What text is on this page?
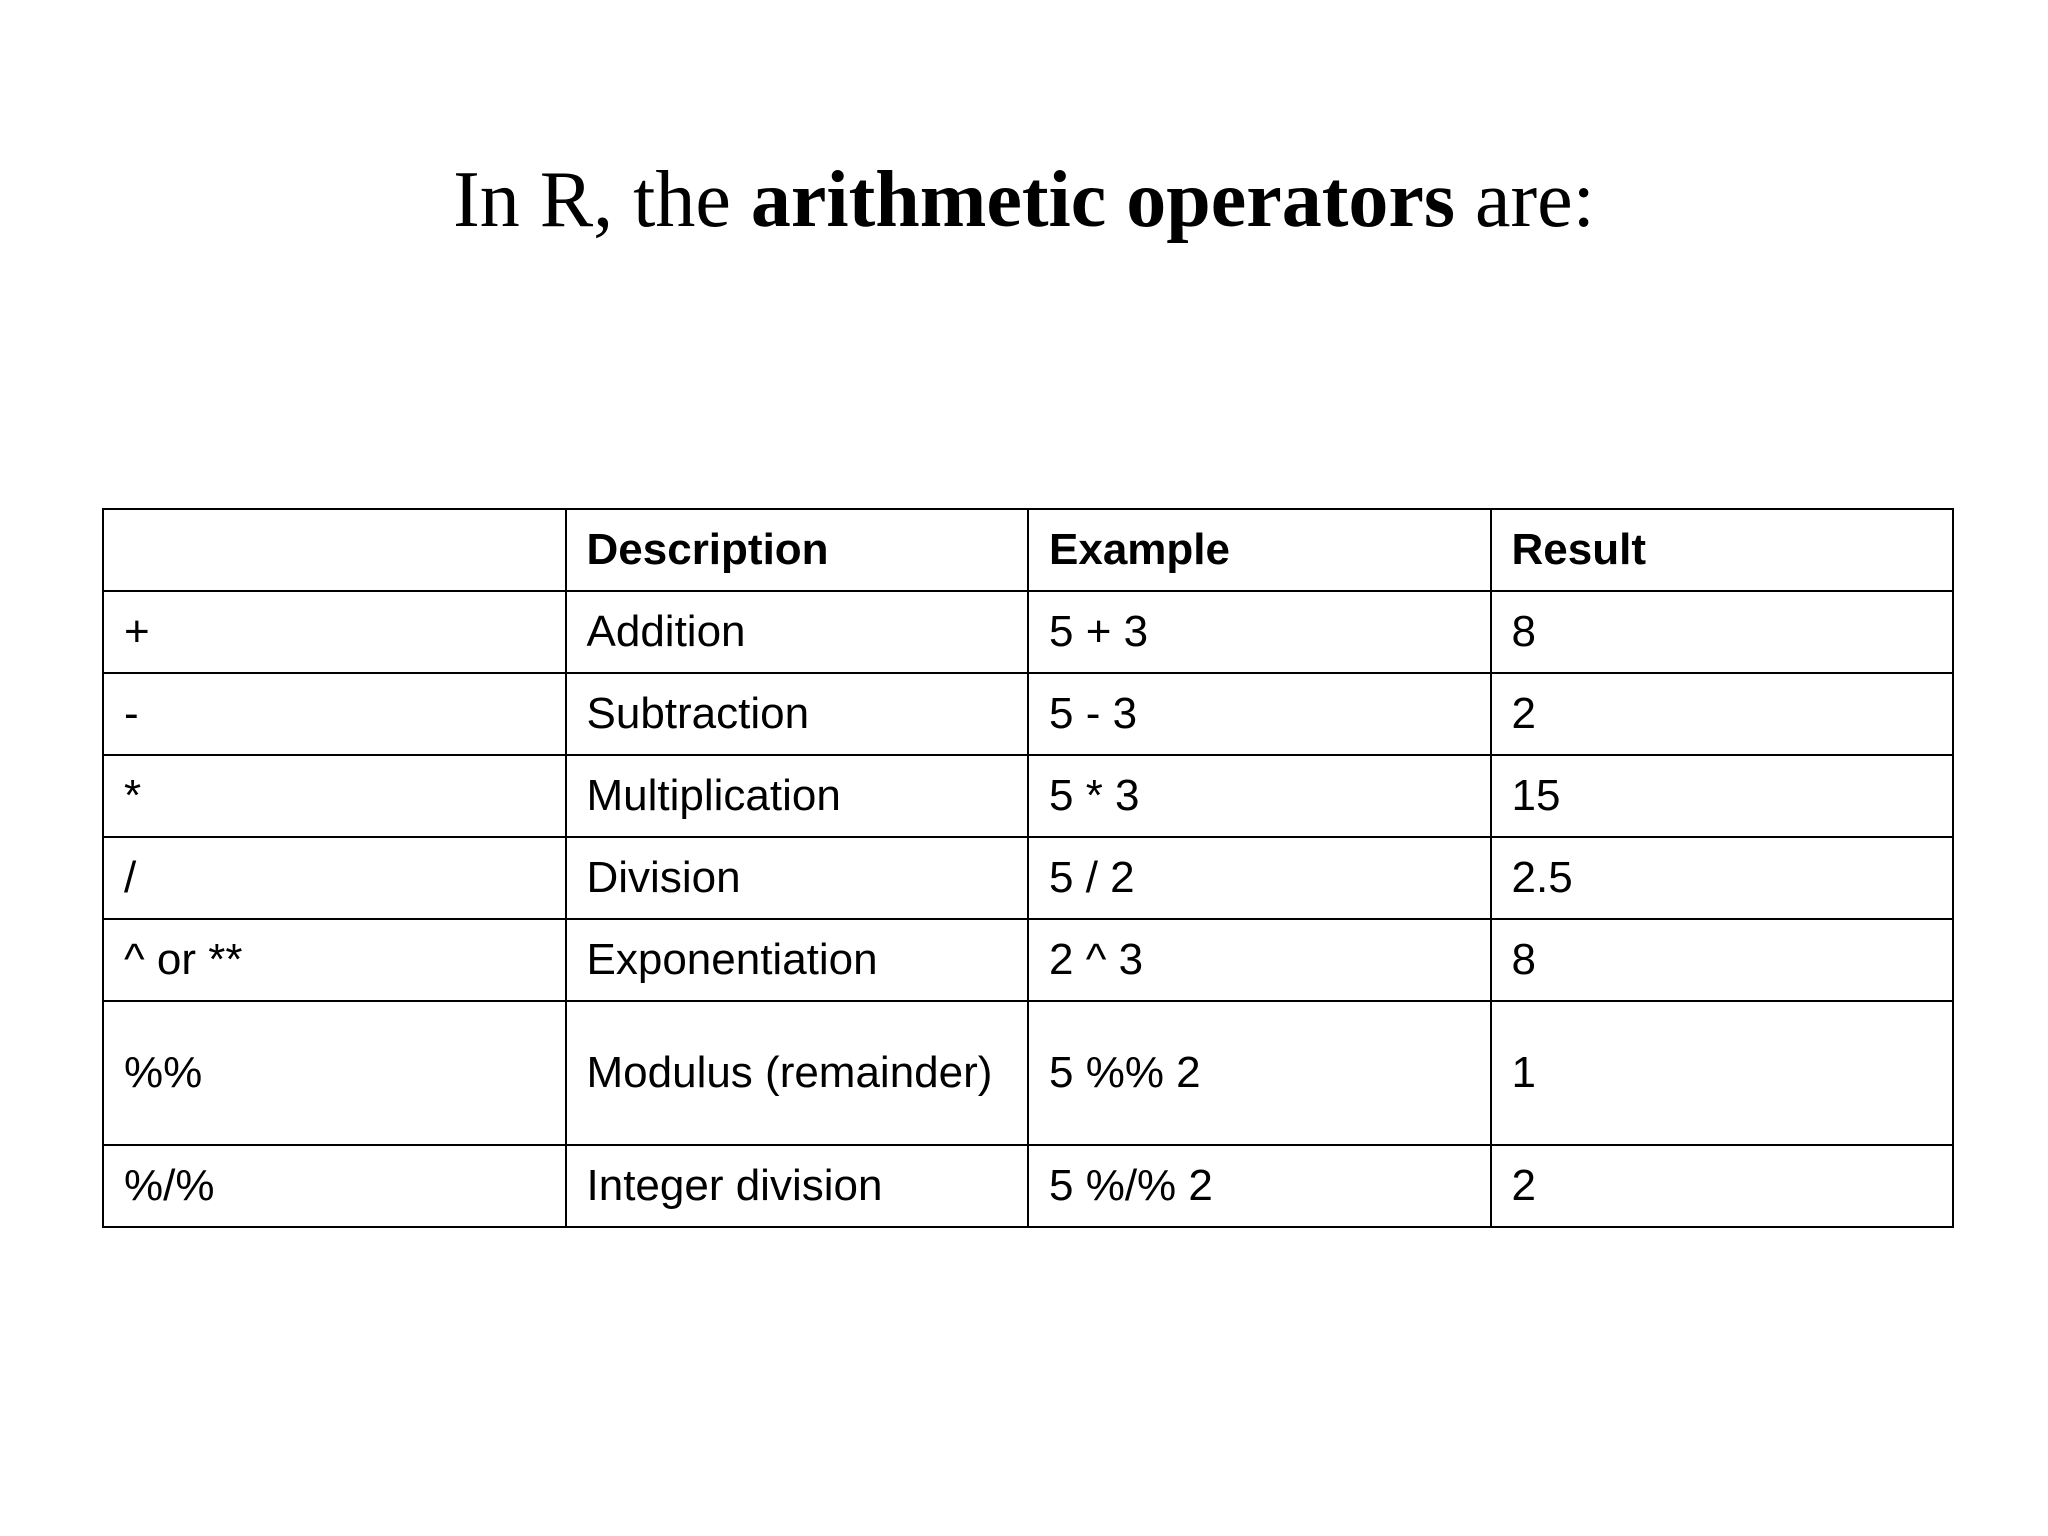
In R, the arithmetic operators are:
	Description	Example	Result
+	Addition	5 + 3	8
-	Subtraction	5 - 3	2
*	Multiplication	5 * 3	15
/	Division	5 / 2	2.5
^ or **	Exponentiation	2 ^ 3	8
%%	Modulus (remainder)	5 %% 2	1
%/%	Integer division	5 %/% 2	2
